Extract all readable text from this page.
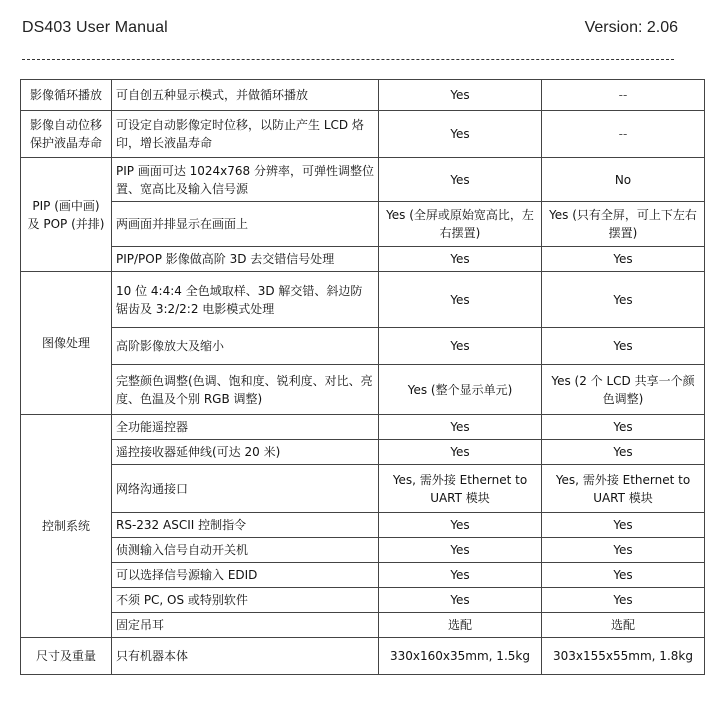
DS403 User Manual	Version: 2.06
影像循环播放	可自创五种显示模式，并做循环播放	Yes	--
影像自动位移保护液晶寿命	可设定自动影像定时位移，以防止产生 LCD 烙印，增长液晶寿命	Yes	--
PIP (画中画) 及 POP (并排)	PIP 画面可达 1024x768 分辨率，可弹性调整位置、宽高比及输入信号源	Yes	No
	两画面并排显示在画面上	Yes (全屏或原始宽高比，左右摆置)	Yes (只有全屏，可上下左右摆置)
	PIP/POP 影像做高阶 3D 去交错信号处理	Yes	Yes
图像处理	10 位 4:4:4 全色域取样、3D 解交错、斜边防锯齿及 3:2/2:2 电影模式处理	Yes	Yes
	高阶影像放大及缩小	Yes	Yes
	完整颜色调整(色调、饱和度、锐利度、对比、亮度、色温及个别 RGB 调整)	Yes (整个显示单元)	Yes (2 个 LCD 共享一个颜色调整)
控制系统	全功能遥控器	Yes	Yes
	遥控接收器延伸线(可达 20 米)	Yes	Yes
	网络沟通接口	Yes, 需外接 Ethernet to UART 模块	Yes, 需外接 Ethernet to UART 模块
	RS-232 ASCII 控制指令	Yes	Yes
	侦测输入信号自动开关机	Yes	Yes
	可以选择信号源输入 EDID	Yes	Yes
	不须 PC, OS 或特别软件	Yes	Yes
	固定吊耳	选配	选配
尺寸及重量	只有机器本体	330x160x35mm, 1.5kg	303x155x55mm, 1.8kg
